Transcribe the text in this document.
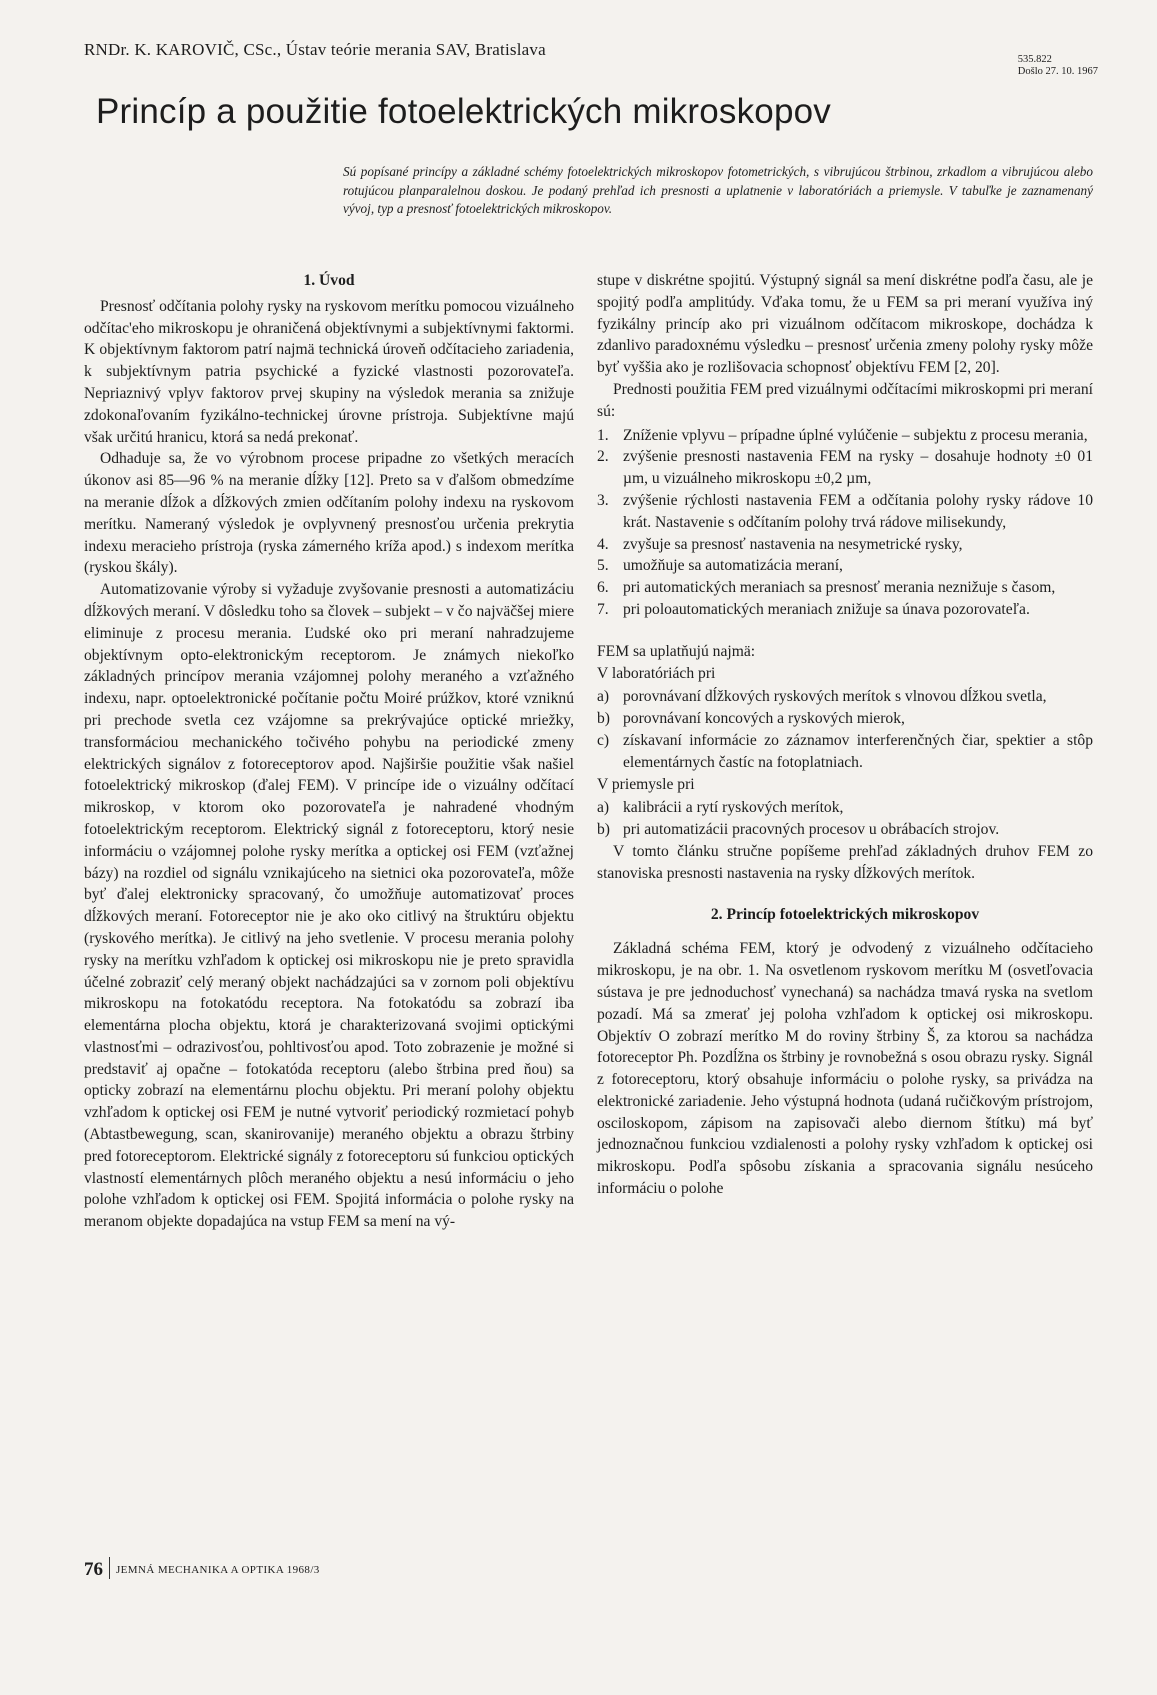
RNDr. K. KAROVIČ, CSc., Ústav teórie merania SAV, Bratislava
535.822
Došlo 27. 10. 1967
Princíp a použitie fotoelektrických mikroskopov

Sú popísané princípy a základné schémy fotoelektrických mikroskopov fotometrických, s vibrujúcou štrbinou, zrkadlom a vibrujúcou alebo rotujúcou planparalelnou doskou. Je podaný prehľad ich presnosti a uplatnenie v laboratóriách a priemysle. V tabuľke je zaznamenaný vývoj, typ a presnosť fotoelektrických mikroskopov.

1. Úvod

Presnosť odčítania polohy rysky na ryskovom merítku pomocou vizuálneho odčítac'eho mikroskopu je ohraničená objektívnymi a subjektívnymi faktormi. K objektívnym faktorom patrí najmä technická úroveň odčítacieho zariadenia, k subjektívnym patria psychické a fyzické vlastnosti pozorovateľa. Nepriaznivý vplyv faktorov prvej skupiny na výsledok merania sa znižuje zdokonaľovaním fyzikálno-technickej úrovne prístroja. Subjektívne majú však určitú hranicu, ktorá sa nedá prekonať.

Odhaduje sa, že vo výrobnom procese pripadne zo všetkých meracích úkonov asi 85—96 % na meranie dĺžky [12]. Preto sa v ďalšom obmedzíme na meranie dĺžok a dĺžkových zmien odčítaním polohy indexu na ryskovom merítku. Nameraný výsledok je ovplyvnený presnosťou určenia prekrytia indexu meracieho prístroja (ryska zámerného kríža apod.) s indexom merítka (ryskou škály).

Automatizovanie výroby si vyžaduje zvyšovanie presnosti a automatizáciu dĺžkových meraní. V dôsledku toho sa človek – subjekt – v čo najväčšej miere eliminuje z procesu merania. Ľudské oko pri meraní nahradzujeme objektívnym opto-elektronickým receptorom. Je známych niekoľko základných princípov merania vzájomnej polohy meraného a vzťažného indexu, napr. optoelektronické počítanie počtu Moiré prúžkov, ktoré vzniknú pri prechode svetla cez vzájomne sa prekrývajúce optické mriežky, transformáciou mechanického točivého pohybu na periodické zmeny elektrických signálov z fotoreceptorov apod. Najširšie použitie však našiel fotoelektrický mikroskop (ďalej FEM). V princípe ide o vizuálny odčítací mikroskop, v ktorom oko pozorovateľa je nahradené vhodným fotoelektrickým receptorom. Elektrický signál z fotoreceptoru, ktorý nesie informáciu o vzájomnej polohe rysky merítka a optickej osi FEM (vzťažnej bázy) na rozdiel od signálu vznikajúceho na sietnici oka pozorovateľa, môže byť ďalej elektronicky spracovaný, čo umožňuje automatizovať proces dĺžkových meraní. Fotoreceptor nie je ako oko citlivý na štruktúru objektu (ryskového merítka). Je citlivý na jeho svetlenie. V procesu merania polohy rysky na merítku vzhľadom k optickej osi mikroskopu nie je preto spravidla účelné zobraziť celý meraný objekt nachádzajúci sa v zornom poli objektívu mikroskopu na fotokatódu receptora. Na fotokatódu sa zobrazí iba elementárna plocha objektu, ktorá je charakterizovaná svojimi optickými vlastnosťmi – odrazivosťou, pohltivosťou apod. Toto zobrazenie je možné si predstaviť aj opačne – fotokatóda receptoru (alebo štrbina pred ňou) sa opticky zobrazí na elementárnu plochu objektu. Pri meraní polohy objektu vzhľadom k optickej osi FEM je nutné vytvoriť periodický rozmietací pohyb (Abtastbewegung, scan, skanirovanije) meraného objektu a obrazu štrbiny pred fotoreceptorom. Elektrické signály z fotoreceptoru sú funkciou optických vlastností elementárnych plôch meraného objektu a nesú informáciu o jeho polohe vzhľadom k optickej osi FEM. Spojitá informácia o polohe rysky na meranom objekte dopadajúca na vstup FEM sa mení na vý-

stupe v diskrétne spojitú. Výstupný signál sa mení diskrétne podľa času, ale je spojitý podľa amplitúdy. Vďaka tomu, že u FEM sa pri meraní využíva iný fyzikálny princíp ako pri vizuálnom odčítacom mikroskope, dochádza k zdanlivo paradoxnému výsledku – presnosť určenia zmeny polohy rysky môže byť vyššia ako je rozlišovacia schopnosť objektívu FEM [2, 20].

Prednosti použitia FEM pred vizuálnymi odčítacími mikroskopmi pri meraní sú:

1. Zníženie vplyvu – prípadne úplné vylúčenie – subjektu z procesu merania,
2. zvýšenie presnosti nastavenia FEM na rysky – dosahuje hodnoty ±0 01 µm, u vizuálneho mikroskopu ±0,2 µm,
3. zvýšenie rýchlosti nastavenia FEM a odčítania polohy rysky rádove 10 krát. Nastavenie s odčítaním polohy trvá rádove milisekundy,
4. zvyšuje sa presnosť nastavenia na nesymetrické rysky,
5. umožňuje sa automatizácia meraní,
6. pri automatických meraniach sa presnosť merania neznižuje s časom,
7. pri poloautomatických meraniach znižuje sa únava pozorovateľa.

FEM sa uplatňujú najmä:

V laboratóriách pri

a) porovnávaní dĺžkových ryskových merítok s vlnovou dĺžkou svetla,
b) porovnávaní koncových a ryskových mierok,
c) získavaní informácie zo záznamov interferenčných čiar, spektier a stôp elementárnych častíc na fotoplatniach.

V priemysle pri

a) kalibrácii a rytí ryskových merítok,
b) pri automatizácii pracovných procesov u obrábacích strojov.

V tomto článku stručne popíšeme prehľad základných druhov FEM zo stanoviska presnosti nastavenia na rysky dĺžkových merítok.

2. Princíp fotoelektrických mikroskopov

Základná schéma FEM, ktorý je odvodený z vizuálneho odčítacieho mikroskopu, je na obr. 1. Na osvetlenom ryskovom merítku M (osvetľovacia sústava je pre jednoduchosť vynechaná) sa nachádza tmavá ryska na svetlom pozadí. Má sa zmerať jej poloha vzhľadom k optickej osi mikroskopu. Objektív O zobrazí merítko M do roviny štrbiny Š, za ktorou sa nachádza fotoreceptor Ph. Pozdĺžna os štrbiny je rovnobežná s osou obrazu rysky. Signál z fotoreceptoru, ktorý obsahuje informáciu o polohe rysky, sa privádza na elektronické zariadenie. Jeho výstupná hodnota (udaná ručičkovým prístrojom, osciloskopom, zápisom na zapisovači alebo diernom štítku) má byť jednoznačnou funkciou vzdialenosti a polohy rysky vzhľadom k optickej osi mikroskopu. Podľa spôsobu získania a spracovania signálu nesúceho informáciu o polohe

76 JEMNÁ MECHANIKA A OPTIKA 1968/3
